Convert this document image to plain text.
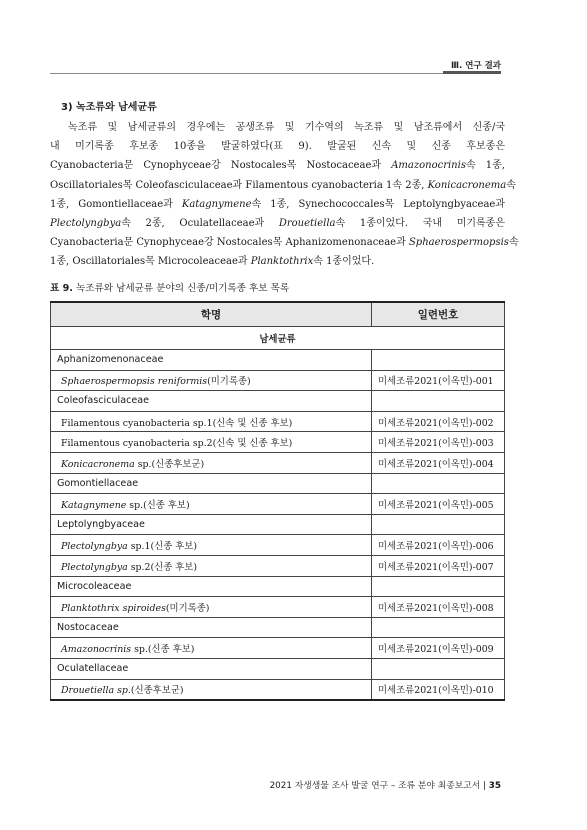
Ⅲ. 연구 결과
3) 녹조류와 남세균류
녹조류 및 남세균류의 경우에는 공생조류 및 기수역의 녹조류 및 남조류에서 신종/국
내 미기록종 후보종 10종을 발굴하였다(표 9). 발굴된 신속 및 신종 후보종은
Cyanobacteria문 Cynophyceae강 Nostocales목 Nostocaceae과 Amazonocrinis속 1종,
Oscillatoriales목 Coleofasciculaceae과 Filamentous cyanobacteria 1속 2종, Konicacronema속
1종, Gomontiellaceae과 Katagnymene속 1종, Synechococcales목 Leptolyngbyaceae과
Plectolyngbya속 2종, Oculatellaceae과 Drouetiella속 1종이었다. 국내 미기록종은
Cyanobacteria문 Cynophyceae강 Nostocales목 Aphanizomenonaceae과 Sphaerospermopsis속
1종, Oscillatoriales목 Microcoleaceae과 Planktothrix속 1종이었다.
표 9. 녹조류와 남세균류 분야의 신종/미기록종 후보 목록
학명	일련번호
남세균류	
Aphanizomenonaceae	
Sphaerospermopsis reniformis(미기록종)	미세조류2021(이옥민)-001
Coleofasciculaceae	
Filamentous cyanobacteria sp.1(신속 및 신종 후보)	미세조류2021(이옥민)-002
Filamentous cyanobacteria sp.2(신속 및 신종 후보)	미세조류2021(이옥민)-003
Konicacronema sp.(신종후보군)	미세조류2021(이옥민)-004
Gomontiellaceae	
Katagnymene sp.(신종 후보)	미세조류2021(이옥민)-005
Leptolyngbyaceae	
Plectolyngbya sp.1(신종 후보)	미세조류2021(이옥민)-006
Plectolyngbya sp.2(신종 후보)	미세조류2021(이옥민)-007
Microcoleaceae	
Planktothrix spiroides(미기록종)	미세조류2021(이옥민)-008
Nostocaceae	
Amazonocrinis sp.(신종 후보)	미세조류2021(이옥민)-009
Oculatellaceae	
Drouetiella sp.(신종후보군)	미세조류2021(이옥민)-010
2021 자생생물 조사 발굴 연구 – 조류 분야 최종보고서 | 35
